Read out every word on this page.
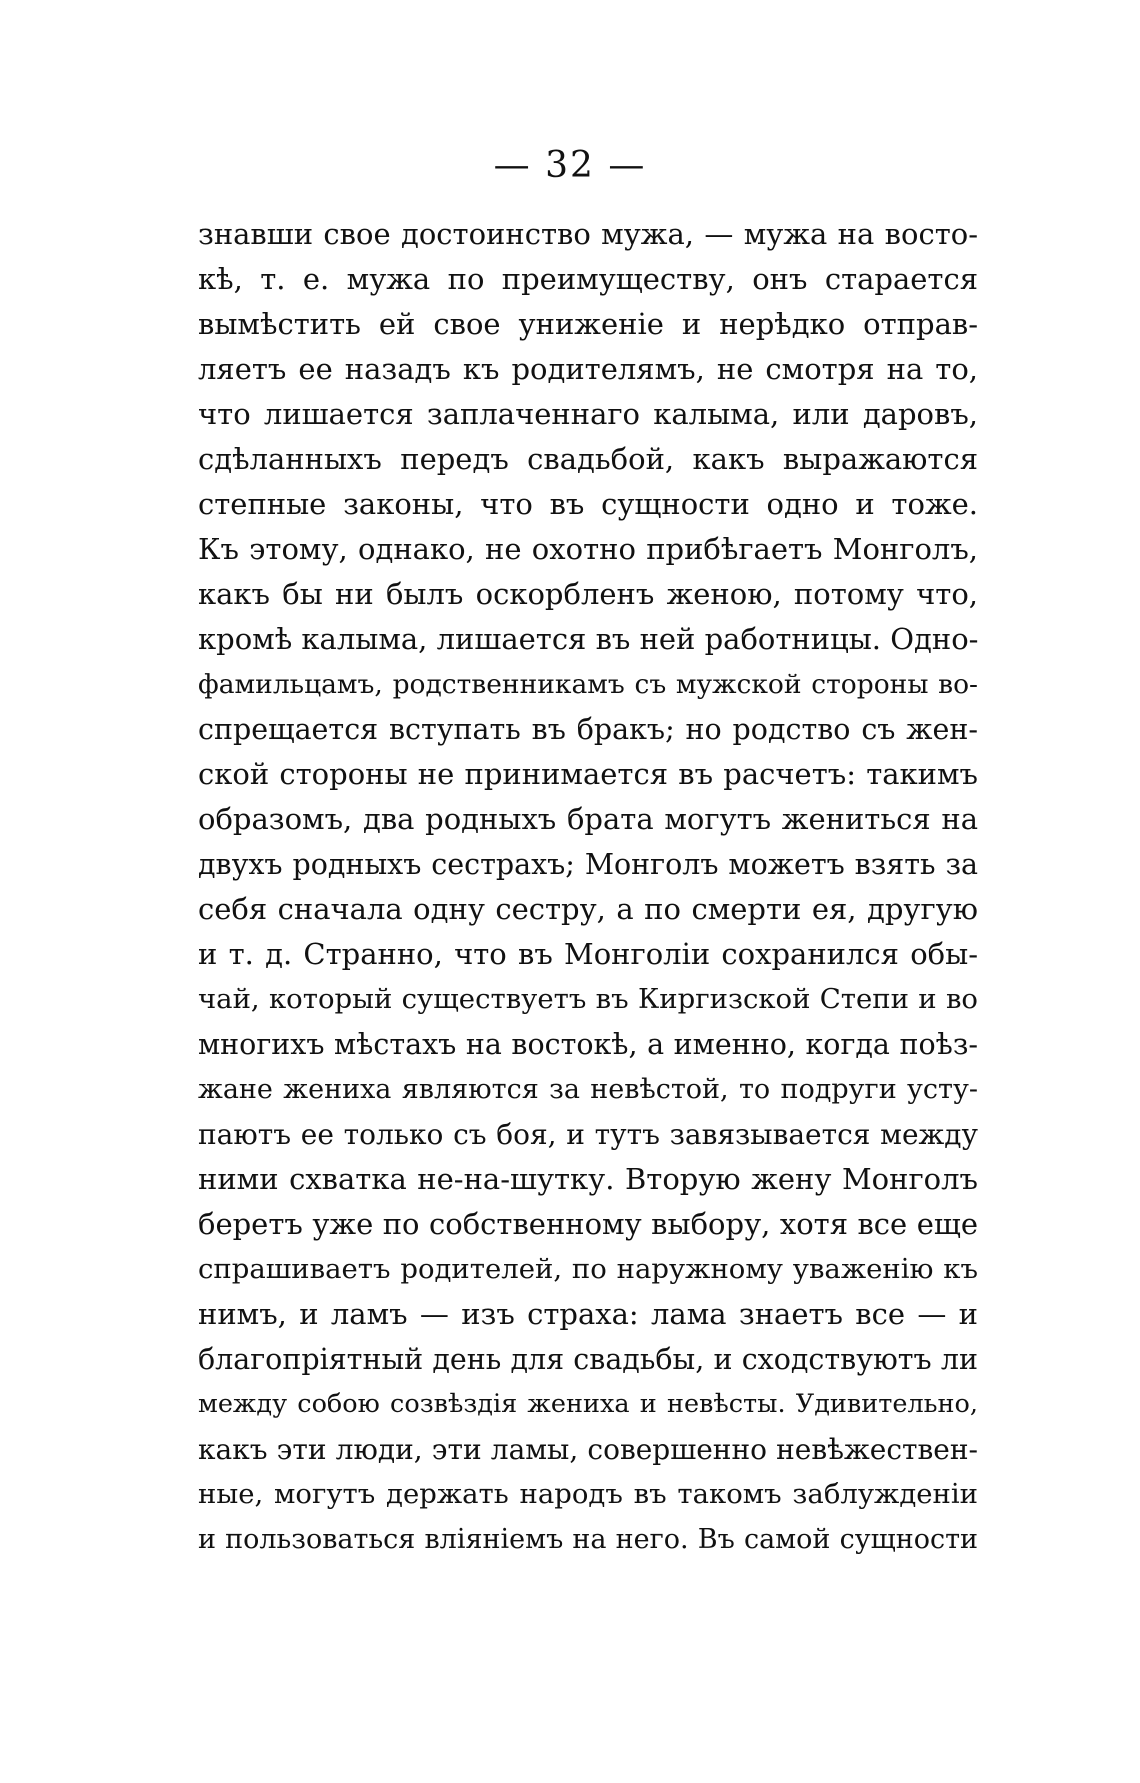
— 32 —
знавши свое достоинство мужа, — мужа на восто-
кѣ, т. е. мужа по преимуществу, онъ старается
вымѣстить ей свое униженіе и нерѣдко отправ-
ляетъ ее назадъ къ родителямъ, не смотря на то,
что лишается заплаченнаго калыма, или даровъ,
сдѣланныхъ передъ свадьбой, какъ выражаются
степные законы, что въ сущности одно и тоже.
Къ этому, однако, не охотно прибѣгаетъ Монголъ,
какъ бы ни былъ оскорбленъ женою, потому что,
кромѣ калыма, лишается въ ней работницы. Одно-
фамильцамъ, родственникамъ съ мужской стороны во-
спрещается вступать въ бракъ; но родство съ жен-
ской стороны не принимается въ расчетъ: такимъ
образомъ, два родныхъ брата могутъ жениться на
двухъ родныхъ сестрахъ; Монголъ можетъ взять за
себя сначала одну сестру, а по смерти ея, другую
и т. д. Странно, что въ Монголіи сохранился обы-
чай, который существуетъ въ Киргизской Степи и во
многихъ мѣстахъ на востокѣ, а именно, когда поѣз-
жане жениха являются за невѣстой, то подруги усту-
паютъ ее только съ боя, и тутъ завязывается между
ними схватка не-на-шутку. Вторую жену Монголъ
беретъ уже по собственному выбору, хотя все еще
спрашиваетъ родителей, по наружному уваженію къ
нимъ, и ламъ — изъ страха: лама знаетъ все — и
благопріятный день для свадьбы, и сходствуютъ ли
между собою созвѣздія жениха и невѣсты. Удивительно,
какъ эти люди, эти ламы, совершенно невѣжествен-
ные, могутъ держать народъ въ такомъ заблужденіи
и пользоваться вліяніемъ на него. Въ самой сущности
